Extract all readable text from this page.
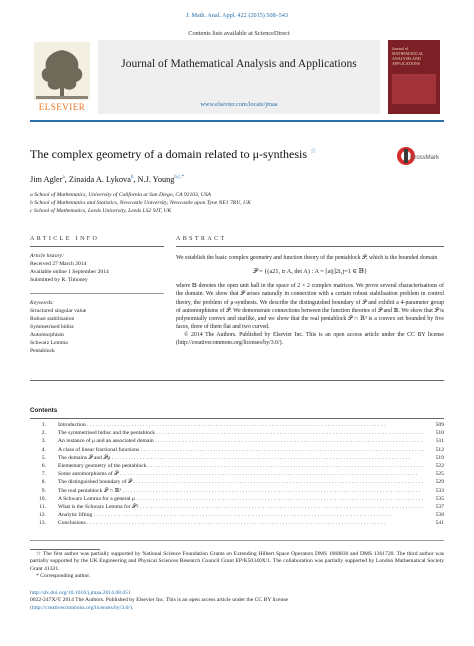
J. Math. Anal. Appl. 422 (2015) 508–543
ELSEVIER
Contents lists available at ScienceDirect
Journal of Mathematical Analysis and Applications
www.elsevier.com/locate/jmaa
Journal of MATHEMATICAL ANALYSIS AND APPLICATIONS
The complex geometry of a domain related to μ-synthesis ☆
CrossMark
Jim Agler$^a$, Zinaida A. Lykova$^b$, N.J. Young$^{b,c,*}$
a School of Mathematics, University of California at San Diego, CA 92103, USA
b School of Mathematics and Statistics, Newcastle University, Newcastle upon Tyne NE1 7RU, UK
c School of Mathematics, Leeds University, Leeds LS2 9JT, UK
ARTICLE INFO	ABSTRACT
Article history:
Received 27 March 2014
Available online 1 September 2014
Submitted by R. Timoney
Keywords:
Structured singular value
Robust stabilisation
Symmetrised bidisc
Automorphism
Schwarz Lemma
Pentablock

We establish the basic complex geometry and function theory of the pentablock 𝒫, which is the bounded domain

𝒫 = {(a21, tr A, det A) : A = [aij]2i,j=1 ∈ 𝔹}

where 𝔹 denotes the open unit ball in the space of 2 × 2 complex matrices. We prove several characterisations of the domain. We show that 𝒫 arises naturally in connection with a certain robust stabilisation problem in control theory, the problem of μ-synthesis. We describe the distinguished boundary of 𝒫 and exhibit a 4-parameter group of automorphisms of 𝒫. We demonstrate connections between the function theories of 𝒫 and 𝔹. We show that 𝒫 is polynomially convex and starlike, and we show that the real pentablock 𝒫 ∩ ℝ³ is a convex set bounded by five faces, three of them flat and two curved.

© 2014 The Authors. Published by Elsevier Inc. This is an open access article under the CC BY license (http://creativecommons.org/licenses/by/3.0/).

Contents
1. Introduction . . .	509
2. The symmetrised bidisc and the pentablock . . .	510
3. An instance of μ and an associated domain . . .	511
4. A class of linear fractional functions . . .	512
5. The domains 𝒫 and 𝒫μ . . .	519
6. Elementary geometry of the pentablock . . .	522
7. Some automorphisms of 𝒫 . . .	525
8. The distinguished boundary of 𝒫 . . .	529
9. The real pentablock 𝒫 ∩ ℝ³ . . .	533
10. A Schwarz Lemma for a general μ . . .	535
11. What is the Schwarz Lemma for 𝒫? . . .	537
12. Analytic lifting . . .	538
13. Conclusions . . .	541

☆ The first author was partially supported by National Science Foundation Grants on Extending Hilbert Space Operators DMS 1068830 and DMS 1361720. The third author was partially supported by the UK Engineering and Physical Sciences Research Council Grant EP/K50340X/1. The collaboration was partially supported by London Mathematical Society Grant 41321.

* Corresponding author.

http://dx.doi.org/10.1016/j.jmaa.2014.08.051
0022-247X/© 2014 The Authors. Published by Elsevier Inc. This is an open access article under the CC BY license
(http://creativecommons.org/licenses/by/3.0/).
